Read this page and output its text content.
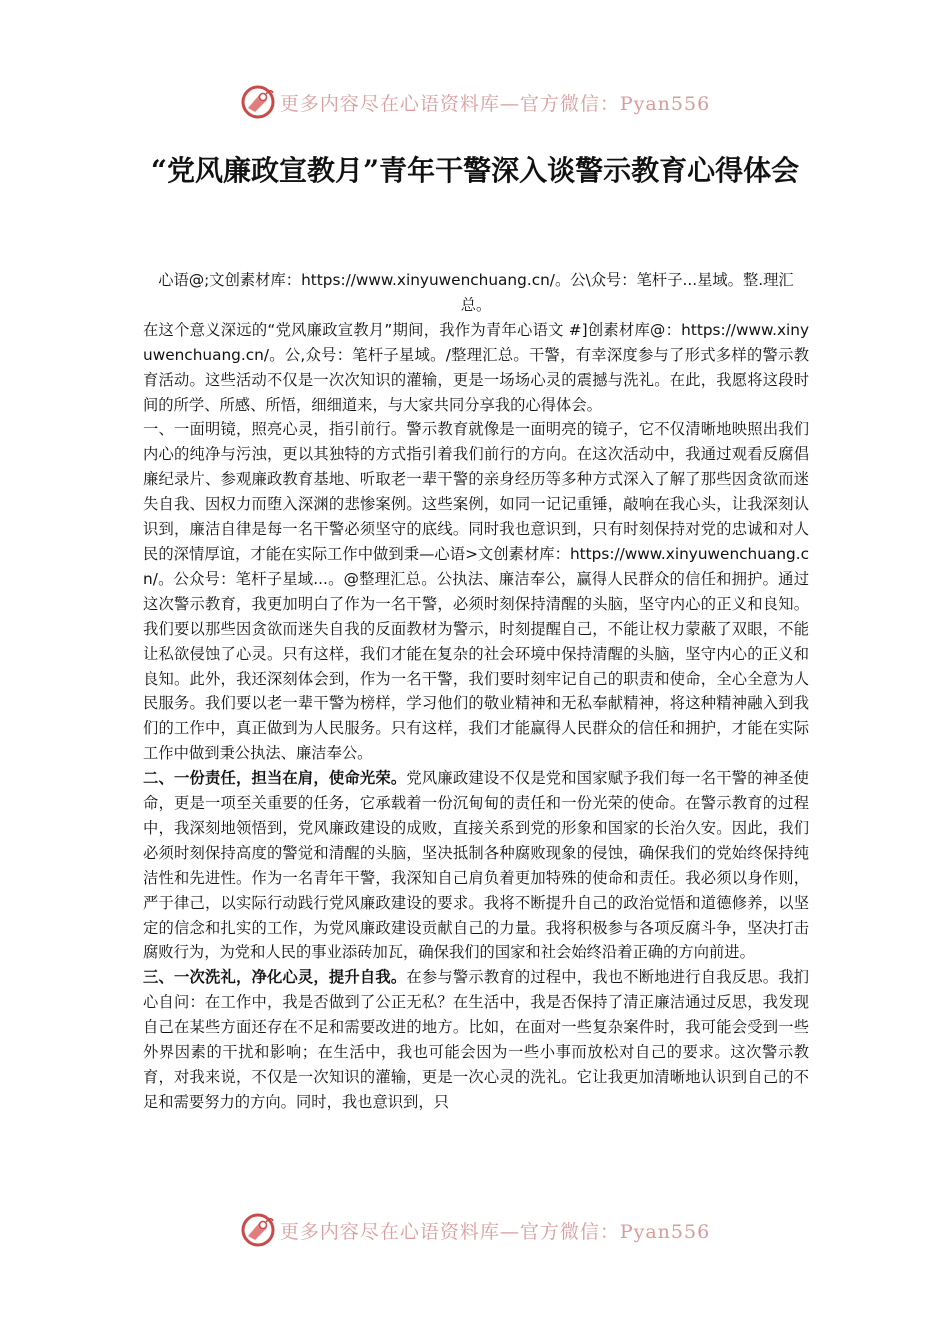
更多内容尽在心语资料库—官方微信：Pyan556
“党风廉政宣教月”青年干警深入谈警示教育心得体会

心语@;文创素材库：https://www.xinyuwenchuang.cn/。公\众号：笔杆子...星域。整.理汇总。

在这个意义深远的“党风廉政宣教月”期间，我作为青年心语文 #]创素材库@：https://www.xinyuwenchuang.cn/。公,众号：笔杆子星域。/整理汇总。干警，有幸深度参与了形式多样的警示教育活动。这些活动不仅是一次次知识的灌输，更是一场场心灵的震撼与洗礼。在此，我愿将这段时间的所学、所感、所悟，细细道来，与大家共同分享我的心得体会。

一、一面明镜，照亮心灵，指引前行。警示教育就像是一面明亮的镜子，它不仅清晰地映照出我们内心的纯净与污浊，更以其独特的方式指引着我们前行的方向。在这次活动中，我通过观看反腐倡廉纪录片、参观廉政教育基地、听取老一辈干警的亲身经历等多种方式深入了解了那些因贪欲而迷失自我、因权力而堕入深渊的悲惨案例。这些案例，如同一记记重锤，敲响在我心头，让我深刻认识到，廉洁自律是每一名干警必须坚守的底线。同时我也意识到，只有时刻保持对党的忠诚和对人民的深情厚谊，才能在实际工作中做到秉—心语>文创素材库：https://www.xinyuwenchuang.cn/。公众号：笔杆子星域...。@整理汇总。公执法、廉洁奉公，赢得人民群众的信任和拥护。通过这次警示教育，我更加明白了作为一名干警，必须时刻保持清醒的头脑，坚守内心的正义和良知。我们要以那些因贪欲而迷失自我的反面教材为警示，时刻提醒自己，不能让权力蒙蔽了双眼，不能让私欲侵蚀了心灵。只有这样，我们才能在复杂的社会环境中保持清醒的头脑，坚守内心的正义和良知。此外，我还深刻体会到，作为一名干警，我们要时刻牢记自己的职责和使命，全心全意为人民服务。我们要以老一辈干警为榜样，学习他们的敬业精神和无私奉献精神，将这种精神融入到我们的工作中，真正做到为人民服务。只有这样，我们才能赢得人民群众的信任和拥护，才能在实际工作中做到秉公执法、廉洁奉公。

二、一份责任，担当在肩，使命光荣。党风廉政建设不仅是党和国家赋予我们每一名干警的神圣使命，更是一项至关重要的任务，它承载着一份沉甸甸的责任和一份光荣的使命。在警示教育的过程中，我深刻地领悟到，党风廉政建设的成败，直接关系到党的形象和国家的长治久安。因此，我们必须时刻保持高度的警觉和清醒的头脑，坚决抵制各种腐败现象的侵蚀，确保我们的党始终保持纯洁性和先进性。作为一名青年干警，我深知自己肩负着更加特殊的使命和责任。我必须以身作则，严于律己，以实际行动践行党风廉政建设的要求。我将不断提升自己的政治觉悟和道德修养，以坚定的信念和扎实的工作，为党风廉政建设贡献自己的力量。我将积极参与各项反腐斗争，坚决打击腐败行为，为党和人民的事业添砖加瓦，确保我们的国家和社会始终沿着正确的方向前进。

三、一次洗礼，净化心灵，提升自我。在参与警示教育的过程中，我也不断地进行自我反思。我扪心自问：在工作中，我是否做到了公正无私？在生活中，我是否保持了清正廉洁通过反思，我发现自己在某些方面还存在不足和需要改进的地方。比如，在面对一些复杂案件时，我可能会受到一些外界因素的干扰和影响；在生活中，我也可能会因为一些小事而放松对自己的要求。这次警示教育，对我来说，不仅是一次知识的灌输，更是一次心灵的洗礼。它让我更加清晰地认识到自己的不足和需要努力的方向。同时，我也意识到，只

更多内容尽在心语资料库—官方微信：Pyan556
